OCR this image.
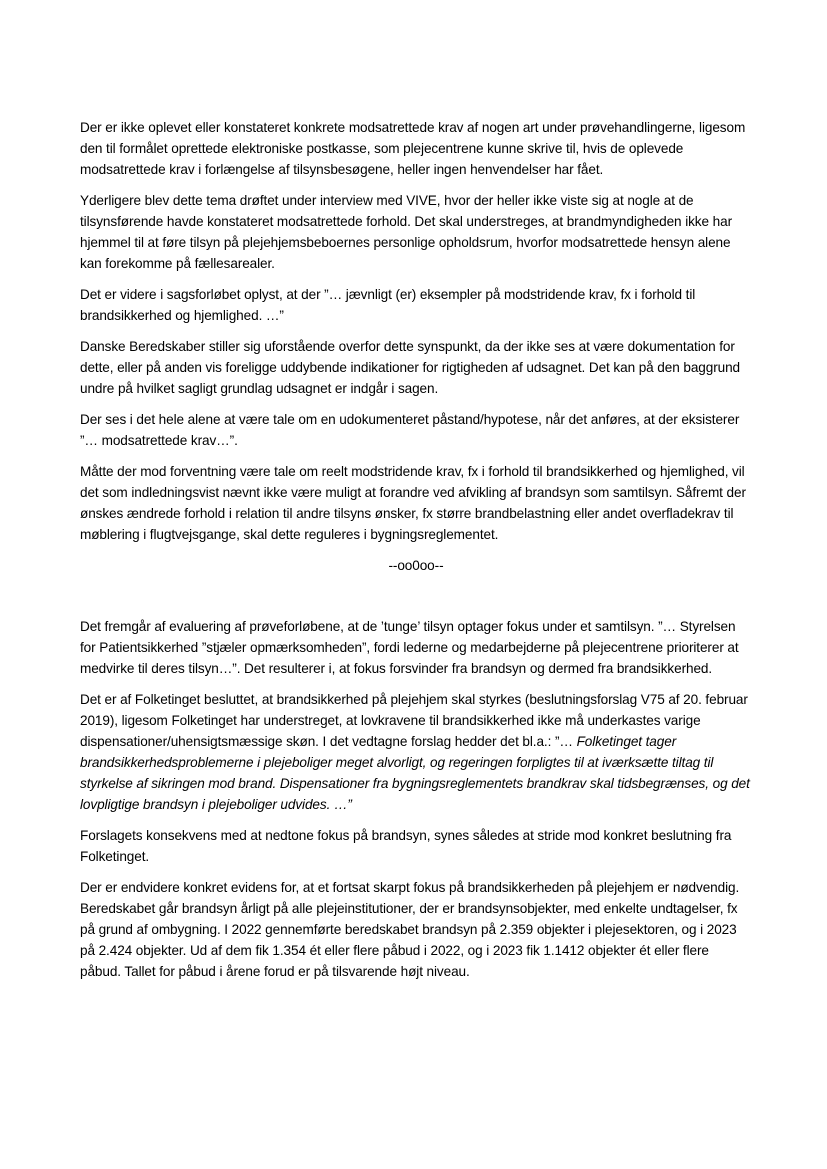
Der er ikke oplevet eller konstateret konkrete modsatrettede krav af nogen art under prøvehandlingerne, ligesom den til formålet oprettede elektroniske postkasse, som plejecentrene kunne skrive til, hvis de oplevede modsatrettede krav i forlængelse af tilsynsbesøgene, heller ingen henvendelser har fået.

Yderligere blev dette tema drøftet under interview med VIVE, hvor der heller ikke viste sig at nogle at de tilsynsførende havde konstateret modsatrettede forhold. Det skal understreges, at brandmyndigheden ikke har hjemmel til at føre tilsyn på plejehjemsbeboernes personlige opholdsrum, hvorfor modsatrettede hensyn alene kan forekomme på fællesarealer.

Det er videre i sagsforløbet oplyst, at der ”… jævnligt (er) eksempler på modstridende krav, fx i forhold til brandsikkerhed og hjemlighed. …”

Danske Beredskaber stiller sig uforstående overfor dette synspunkt, da der ikke ses at være dokumentation for dette, eller på anden vis foreligge uddybende indikationer for rigtigheden af udsagnet. Det kan på den baggrund undre på hvilket sagligt grundlag udsagnet er indgår i sagen.

Der ses i det hele alene at være tale om en udokumenteret påstand/hypotese, når det anføres, at der eksisterer ”… modsatrettede krav…”.

Måtte der mod forventning være tale om reelt modstridende krav, fx i forhold til brandsikkerhed og hjemlighed, vil det som indledningsvist nævnt ikke være muligt at forandre ved afvikling af brandsyn som samtilsyn. Såfremt der ønskes ændrede forhold i relation til andre tilsyns ønsker, fx større brandbelastning eller andet overfladekrav til møblering i flugtvejsgange, skal dette reguleres i bygningsreglementet.

--oo0oo--

Det fremgår af evaluering af prøveforløbene, at de ’tunge’ tilsyn optager fokus under et samtilsyn. ”… Styrelsen for Patientsikkerhed ”stjæler opmærksomheden”, fordi lederne og medarbejderne på plejecentrene prioriterer at medvirke til deres tilsyn…”. Det resulterer i, at fokus forsvinder fra brandsyn og dermed fra brandsikkerhed.

Det er af Folketinget besluttet, at brandsikkerhed på plejehjem skal styrkes (beslutningsforslag V75 af 20. februar 2019), ligesom Folketinget har understreget, at lovkravene til brandsikkerhed ikke må underkastes varige dispensationer/uhensigtsmæssige skøn. I det vedtagne forslag hedder det bl.a.: ”… Folketinget tager brandsikkerhedsproblemerne i plejeboliger meget alvorligt, og regeringen forpligtes til at iværksætte tiltag til styrkelse af sikringen mod brand. Dispensationer fra bygningsreglementets brandkrav skal tidsbegrænses, og det lovpligtige brandsyn i plejeboliger udvides. …”

Forslagets konsekvens med at nedtone fokus på brandsyn, synes således at stride mod konkret beslutning fra Folketinget.

Der er endvidere konkret evidens for, at et fortsat skarpt fokus på brandsikkerheden på plejehjem er nødvendig. Beredskabet går brandsyn årligt på alle plejeinstitutioner, der er brandsynsobjekter, med enkelte undtagelser, fx på grund af ombygning. I 2022 gennemførte beredskabet brandsyn på 2.359 objekter i plejesektoren, og i 2023 på 2.424 objekter. Ud af dem fik 1.354 ét eller flere påbud i 2022, og i 2023 fik 1.1412 objekter ét eller flere påbud. Tallet for påbud i årene forud er på tilsvarende højt niveau.
